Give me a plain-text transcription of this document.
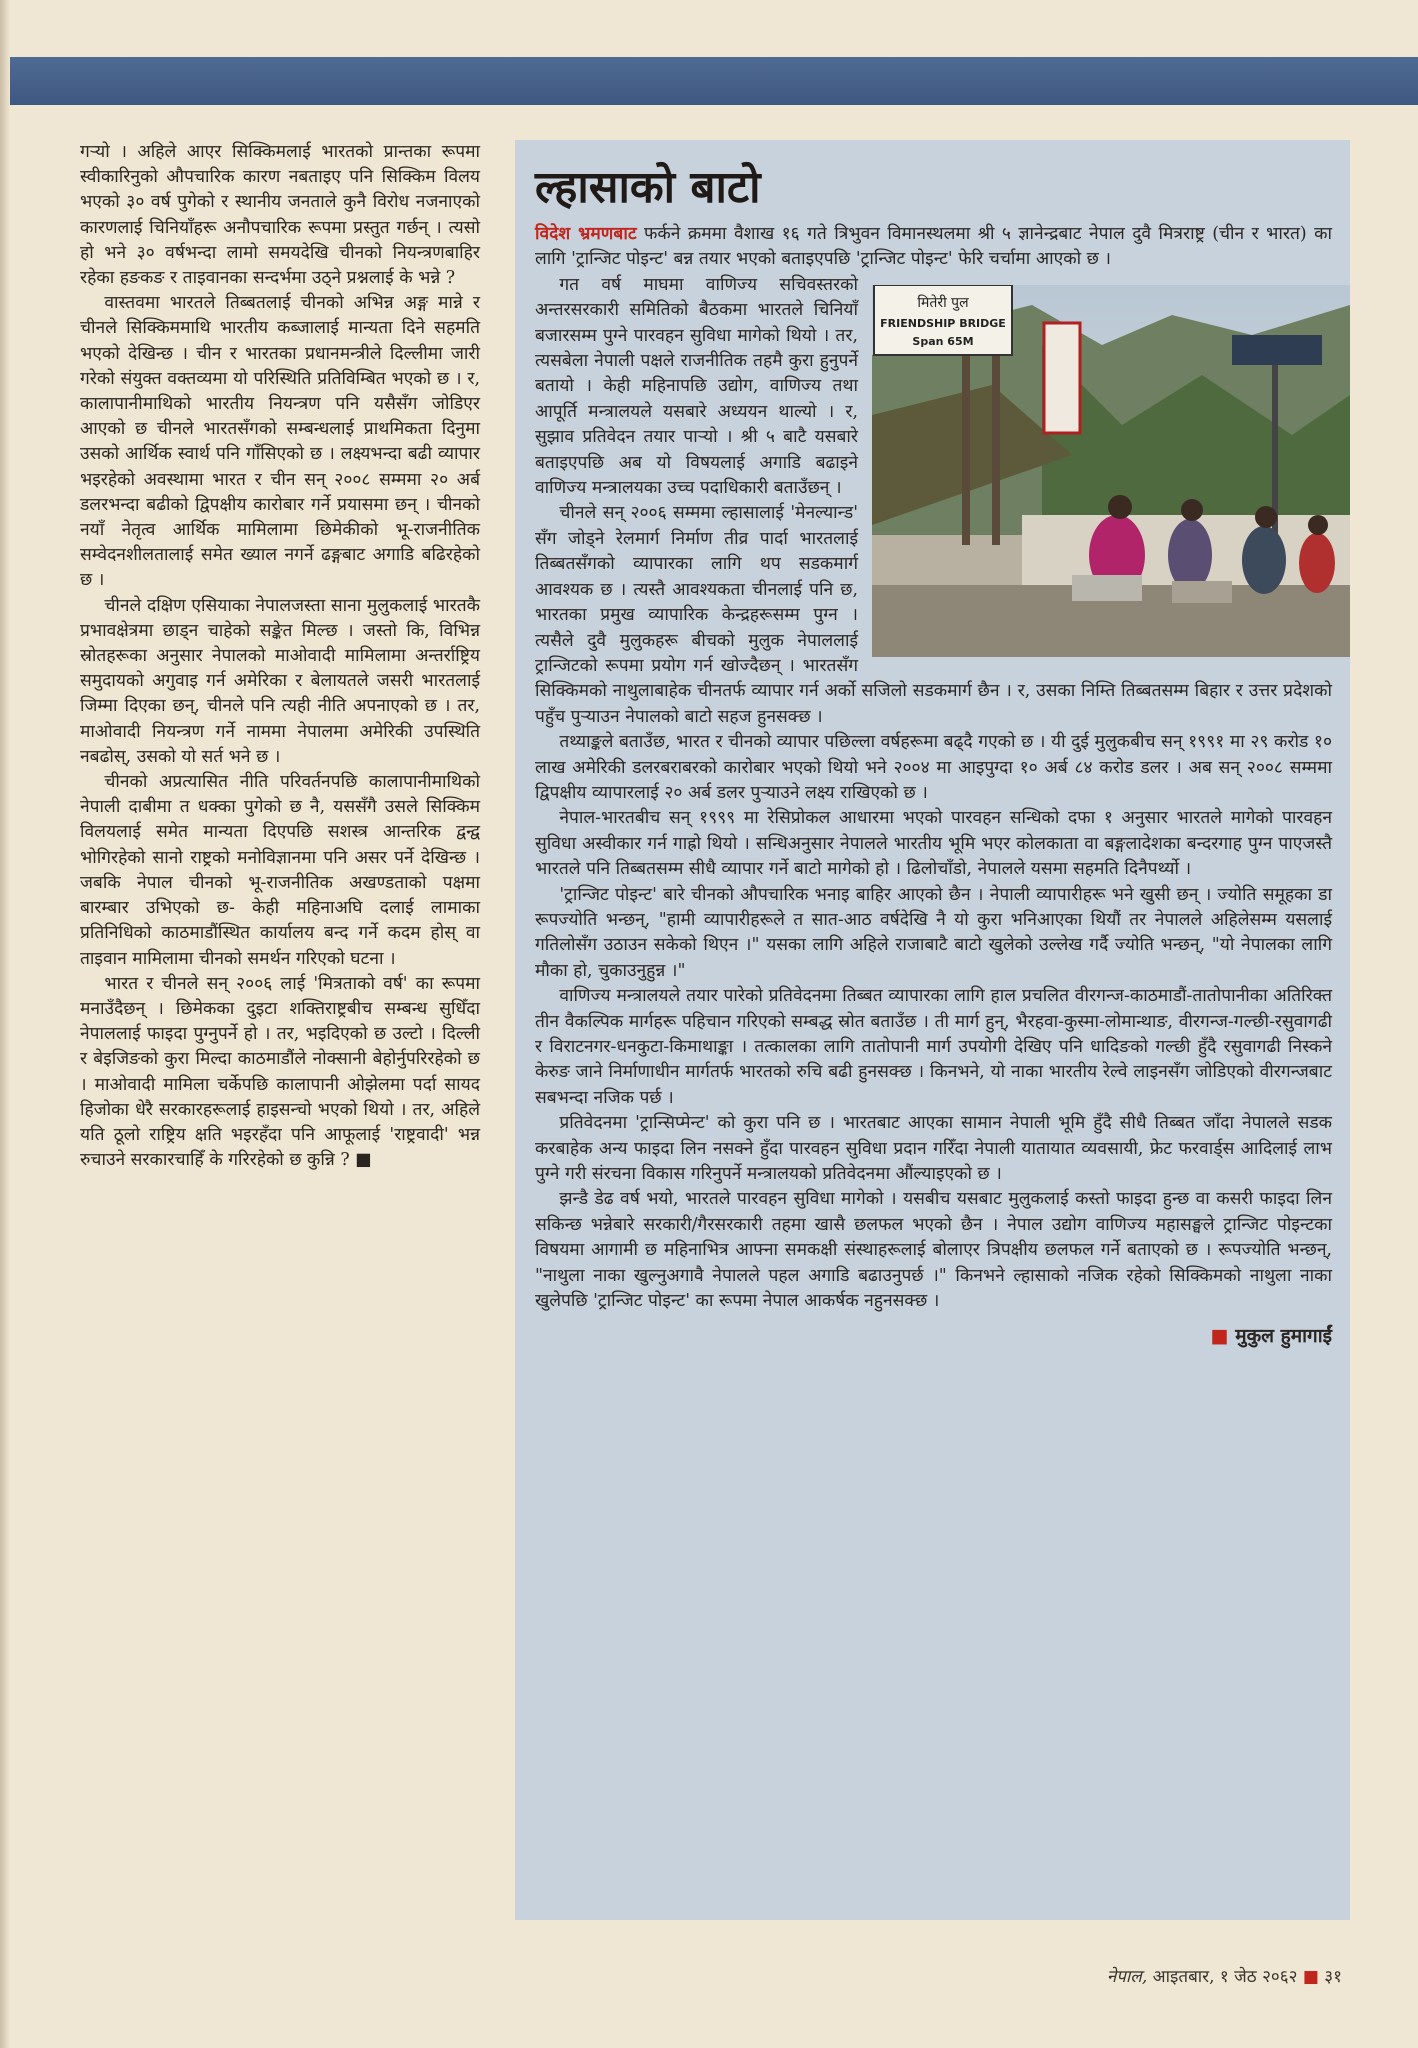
गऱ्यो । अहिले आएर सिक्किमलाई भारतको प्रान्तका रूपमा स्वीकारिनुको औपचारिक कारण नबताइए पनि सिक्किम विलय भएको ३० वर्ष पुगेको र स्थानीय जनताले कुनै विरोध नजनाएको कारणलाई चिनियाँहरू अनौपचारिक रूपमा प्रस्तुत गर्छन् । त्यसो हो भने ३० वर्षभन्दा लामो समयदेखि चीनको नियन्त्रणबाहिर रहेका हङकङ र ताइवानका सन्दर्भमा उठ्ने प्रश्नलाई के भन्ने ?

वास्तवमा भारतले तिब्बतलाई चीनको अभिन्न अङ्ग मान्ने र चीनले सिक्किममाथि भारतीय कब्जालाई मान्यता दिने सहमति भएको देखिन्छ । चीन र भारतका प्रधानमन्त्रीले दिल्लीमा जारी गरेको संयुक्त वक्तव्यमा यो परिस्थिति प्रतिविम्बित भएको छ । र, कालापानीमाथिको भारतीय नियन्त्रण पनि यसैसँग जोडिएर आएको छ चीनले भारतसँगको सम्बन्धलाई प्राथमिकता दिनुमा उसको आर्थिक स्वार्थ पनि गाँसिएको छ । लक्ष्यभन्दा बढी व्यापार भइरहेको अवस्थामा भारत र चीन सन् २००८ सम्ममा २० अर्ब डलरभन्दा बढीको द्विपक्षीय कारोबार गर्ने प्रयासमा छन् । चीनको नयाँ नेतृत्व आर्थिक मामिलामा छिमेकीको भू-राजनीतिक सम्वेदनशीलतालाई समेत ख्याल नगर्ने ढङ्गबाट अगाडि बढिरहेको छ ।

चीनले दक्षिण एसियाका नेपालजस्ता साना मुलुकलाई भारतकै प्रभावक्षेत्रमा छाड्न चाहेको सङ्केत मिल्छ । जस्तो कि, विभिन्न स्रोतहरूका अनुसार नेपालको माओवादी मामिलामा अन्तर्राष्ट्रिय समुदायको अगुवाइ गर्न अमेरिका र बेलायतले जसरी भारतलाई जिम्मा दिएका छन्, चीनले पनि त्यही नीति अपनाएको छ । तर, माओवादी नियन्त्रण गर्ने नाममा नेपालमा अमेरिकी उपस्थिति नबढोस्, उसको यो सर्त भने छ ।

चीनको अप्रत्यासित नीति परिवर्तनपछि कालापानीमाथिको नेपाली दाबीमा त धक्का पुगेको छ नै, यससँगै उसले सिक्किम विलयलाई समेत मान्यता दिएपछि सशस्त्र आन्तरिक द्वन्द्व भोगिरहेको सानो राष्ट्रको मनोविज्ञानमा पनि असर पर्ने देखिन्छ । जबकि नेपाल चीनको भू-राजनीतिक अखण्डताको पक्षमा बारम्बार उभिएको छ- केही महिनाअघि दलाई लामाका प्रतिनिधिको काठमाडौंस्थित कार्यालय बन्द गर्ने कदम होस् वा ताइवान मामिलामा चीनको समर्थन गरिएको घटना ।

भारत र चीनले सन् २००६ लाई 'मित्रताको वर्ष' का रूपमा मनाउँदैछन् । छिमेकका दुइटा शक्तिराष्ट्रबीच सम्बन्ध सुधिँदा नेपाललाई फाइदा पुग्नुपर्ने हो । तर, भइदिएको छ उल्टो । दिल्ली र बेइजिङको कुरा मिल्दा काठमाडौंले नोक्सानी बेहोर्नुपरिरहेको छ । माओवादी मामिला चर्केपछि कालापानी ओझेलमा पर्दा सायद हिजोका धेरै सरकारहरूलाई हाइसन्चो भएको थियो । तर, अहिले यति ठूलो राष्ट्रिय क्षति भइरहँदा पनि आफूलाई 'राष्ट्रवादी' भन्न रुचाउने सरकारचाहिँ के गरिरहेको छ कुन्नि ? ■

ल्हासाको बाटो

विदेश भ्रमणबाट फर्कने क्रममा वैशाख १६ गते त्रिभुवन विमानस्थलमा श्री ५ ज्ञानेन्द्रबाट नेपाल दुवै मित्रराष्ट्र (चीन र भारत) का लागि 'ट्रान्जिट पोइन्ट' बन्न तयार भएको बताइएपछि 'ट्रान्जिट पोइन्ट' फेरि चर्चामा आएको छ ।

मितेरी पुल
FRIENDSHIP BRIDGE
Span 65M

गत वर्ष माघमा वाणिज्य सचिवस्तरको अन्तरसरकारी समितिको बैठकमा भारतले चिनियाँ बजारसम्म पुग्ने पारवहन सुविधा मागेको थियो । तर, त्यसबेला नेपाली पक्षले राजनीतिक तहमै कुरा हुनुपर्ने बतायो । केही महिनापछि उद्योग, वाणिज्य तथा आपूर्ति मन्त्रालयले यसबारे अध्ययन थाल्यो । र, सुझाव प्रतिवेदन तयार पाऱ्यो । श्री ५ बाटै यसबारे बताइएपछि अब यो विषयलाई अगाडि बढाइने वाणिज्य मन्त्रालयका उच्च पदाधिकारी बताउँछन् ।

चीनले सन् २००६ सम्ममा ल्हासालाई 'मेनल्यान्ड' सँग जोड्ने रेलमार्ग निर्माण तीव्र पार्दा भारतलाई तिब्बतसँगको व्यापारका लागि थप सडकमार्ग आवश्यक छ । त्यस्तै आवश्यकता चीनलाई पनि छ, भारतका प्रमुख व्यापारिक केन्द्रहरूसम्म पुग्न । त्यसैले दुवै मुलुकहरू बीचको मुलुक नेपाललाई ट्रान्जिटको रूपमा प्रयोग गर्न खोज्दैछन् । भारतसँग सिक्किमको नाथुलाबाहेक चीनतर्फ व्यापार गर्न अर्को सजिलो सडकमार्ग छैन । र, उसका निम्ति तिब्बतसम्म बिहार र उत्तर प्रदेशको पहुँच पुऱ्याउन नेपालको बाटो सहज हुनसक्छ ।

तथ्याङ्कले बताउँछ, भारत र चीनको व्यापार पछिल्ला वर्षहरूमा बढ्दै गएको छ । यी दुई मुलुकबीच सन् १९९१ मा २९ करोड १० लाख अमेरिकी डलरबराबरको कारोबार भएको थियो भने २००४ मा आइपुग्दा १० अर्ब ८४ करोड डलर । अब सन् २००८ सम्ममा द्विपक्षीय व्यापारलाई २० अर्ब डलर पुऱ्याउने लक्ष्य राखिएको छ ।

नेपाल-भारतबीच सन् १९९९ मा रेसिप्रोकल आधारमा भएको पारवहन सन्धिको दफा १ अनुसार भारतले मागेको पारवहन सुविधा अस्वीकार गर्न गाह्रो थियो । सन्धिअनुसार नेपालले भारतीय भूमि भएर कोलकाता वा बङ्गलादेशका बन्दरगाह पुग्न पाएजस्तै भारतले पनि तिब्बतसम्म सीधै व्यापार गर्ने बाटो मागेको हो । ढिलोचाँडो, नेपालले यसमा सहमति दिनैपर्थ्यो ।

'ट्रान्जिट पोइन्ट' बारे चीनको औपचारिक भनाइ बाहिर आएको छैन । नेपाली व्यापारीहरू भने खुसी छन् । ज्योति समूहका डा रूपज्योति भन्छन्, "हामी व्यापारीहरूले त सात-आठ वर्षदेखि नै यो कुरा भनिआएका थियौं तर नेपालले अहिलेसम्म यसलाई गतिलोसँग उठाउन सकेको थिएन ।" यसका लागि अहिले राजाबाटै बाटो खुलेको उल्लेख गर्दै ज्योति भन्छन्, "यो नेपालका लागि मौका हो, चुकाउनुहुन्न ।"

वाणिज्य मन्त्रालयले तयार पारेको प्रतिवेदनमा तिब्बत व्यापारका लागि हाल प्रचलित वीरगन्ज-काठमाडौं-तातोपानीका अतिरिक्त तीन वैकल्पिक मार्गहरू पहिचान गरिएको सम्बद्ध स्रोत बताउँछ । ती मार्ग हुन्, भैरहवा-कुस्मा-लोमान्थाङ, वीरगन्ज-गल्छी-रसुवागढी र विराटनगर-धनकुटा-किमाथाङ्का । तत्कालका लागि तातोपानी मार्ग उपयोगी देखिए पनि धादिङको गल्छी हुँदै रसुवागढी निस्कने केरुङ जाने निर्माणाधीन मार्गतर्फ भारतको रुचि बढी हुनसक्छ । किनभने, यो नाका भारतीय रेल्वे लाइनसँग जोडिएको वीरगन्जबाट सबभन्दा नजिक पर्छ ।

प्रतिवेदनमा 'ट्रान्सिप्मेन्ट' को कुरा पनि छ । भारतबाट आएका सामान नेपाली भूमि हुँदै सीधै तिब्बत जाँदा नेपालले सडक करबाहेक अन्य फाइदा लिन नसक्ने हुँदा पारवहन सुविधा प्रदान गरिँदा नेपाली यातायात व्यवसायी, फ्रेट फरवार्ड्स आदिलाई लाभ पुग्ने गरी संरचना विकास गरिनुपर्ने मन्त्रालयको प्रतिवेदनमा औंल्याइएको छ ।

झन्डै डेढ वर्ष भयो, भारतले पारवहन सुविधा मागेको । यसबीच यसबाट मुलुकलाई कस्तो फाइदा हुन्छ वा कसरी फाइदा लिन सकिन्छ भन्नेबारे सरकारी/गैरसरकारी तहमा खासै छलफल भएको छैन । नेपाल उद्योग वाणिज्य महासङ्घले ट्रान्जिट पोइन्टका विषयमा आगामी छ महिनाभित्र आफ्ना समकक्षी संस्थाहरूलाई बोलाएर त्रिपक्षीय छलफल गर्ने बताएको छ । रूपज्योति भन्छन्, "नाथुला नाका खुल्नुअगावै नेपालले पहल अगाडि बढाउनुपर्छ ।" किनभने ल्हासाको नजिक रहेको सिक्किमको नाथुला नाका खुलेपछि 'ट्रान्जिट पोइन्ट' का रूपमा नेपाल आकर्षक नहुनसक्छ ।

■ मुकुल हुमागाईं
नेपाल, आइतबार, १ जेठ २०६२ ■ ३१
